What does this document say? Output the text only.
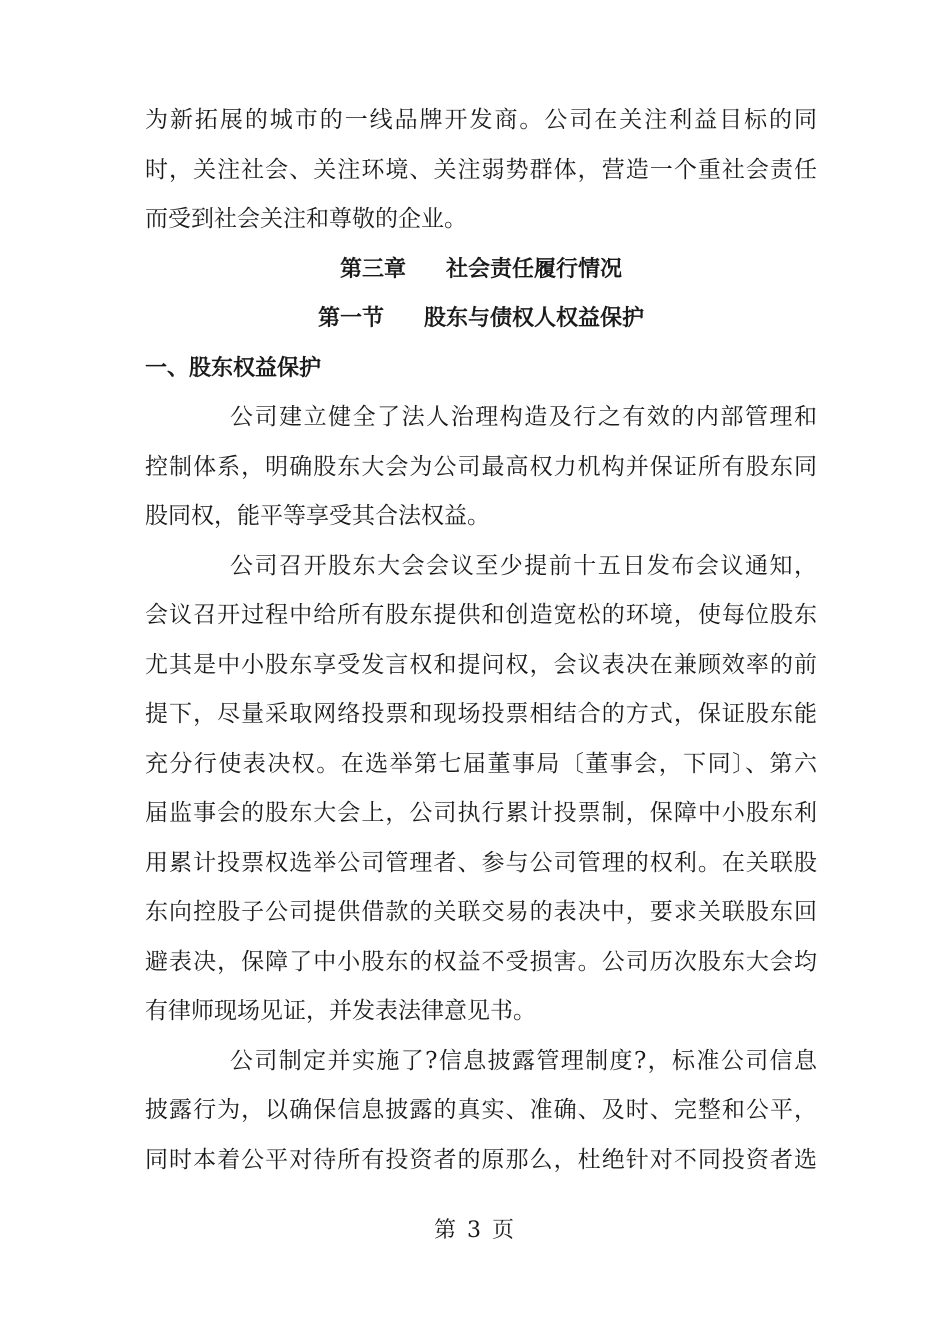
为新拓展的城市的一线品牌开发商。公司在关注利益目标的同
时，关注社会、关注环境、关注弱势群体，营造一个重社会责任
而受到社会关注和尊敬的企业。
第三章 社会责任履行情况
第一节 股东与债权人权益保护
一、股东权益保护
公司建立健全了法人治理构造及行之有效的内部管理和
控制体系，明确股东大会为公司最高权力机构并保证所有股东同
股同权，能平等享受其合法权益。
公司召开股东大会会议至少提前十五日发布会议通知，
会议召开过程中给所有股东提供和创造宽松的环境，使每位股东
尤其是中小股东享受发言权和提问权，会议表决在兼顾效率的前
提下，尽量采取网络投票和现场投票相结合的方式，保证股东能
充分行使表决权。在选举第七届董事局〔董事会，下同〕、第六
届监事会的股东大会上，公司执行累计投票制，保障中小股东利
用累计投票权选举公司管理者、参与公司管理的权利。在关联股
东向控股子公司提供借款的关联交易的表决中，要求关联股东回
避表决，保障了中小股东的权益不受损害。公司历次股东大会均
有律师现场见证，并发表法律意见书。
公司制定并实施了?信息披露管理制度?，标准公司信息
披露行为，以确保信息披露的真实、准确、及时、完整和公平，
同时本着公平对待所有投资者的原那么，杜绝针对不同投资者选
第 3 页
